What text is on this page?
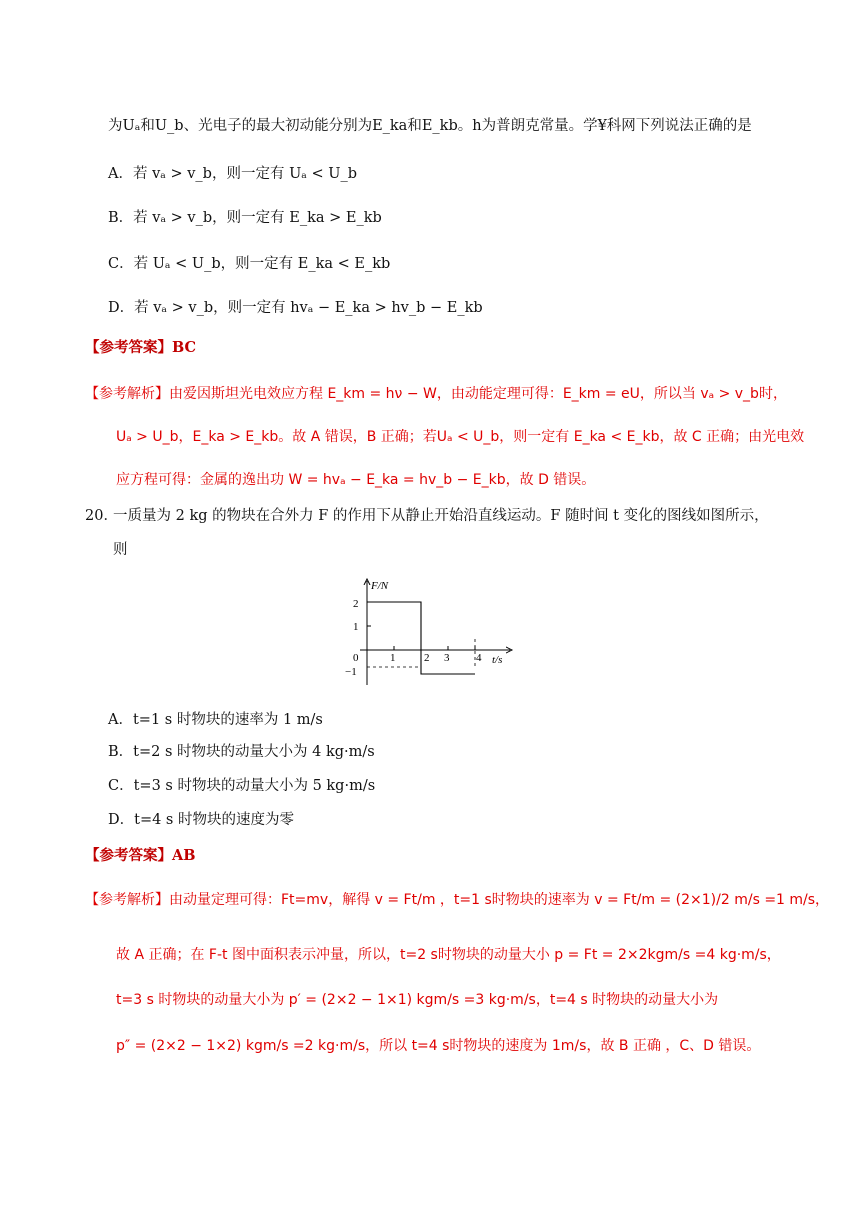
为Uₐ和U_b、光电子的最大初动能分别为E_ka和E_kb。h为普朗克常量。学¥科网下列说法正确的是
A．若 vₐ > v_b，则一定有 Uₐ < U_b
B．若 vₐ > v_b，则一定有 E_ka > E_kb
C．若 Uₐ < U_b，则一定有 E_ka < E_kb
D．若 vₐ > v_b，则一定有 hvₐ − E_ka > hv_b − E_kb
【参考答案】BC
【参考解析】由爱因斯坦光电效应方程 E_km = hν − W，由动能定理可得：E_km = eU，所以当 vₐ > v_b时，
Uₐ > U_b，E_ka > E_kb。故 A 错误，B 正确；若Uₐ < U_b，则一定有 E_ka < E_kb，故 C 正确；由光电效
应方程可得：金属的逸出功 W = hvₐ − E_ka = hv_b − E_kb，故 D 错误。
20．
一质量为 2 kg 的物块在合外力 F 的作用下从静止开始沿直线运动。F 随时间 t 变化的图线如图所示，
则
F/N
t/s
2
1
0
−1
1	2 3 4
A．t=1 s 时物块的速率为 1 m/s
B．t=2 s 时物块的动量大小为 4 kg·m/s
C．t=3 s 时物块的动量大小为 5 kg·m/s
D．t=4 s 时物块的速度为零
【参考答案】AB
【参考解析】由动量定理可得：Ft=mv，解得 v = Ft/m ，t=1 s时物块的速率为 v = Ft/m = (2×1)/2 m/s =1 m/s，
故 A 正确；在 F-t 图中面积表示冲量，所以，t=2 s时物块的动量大小 p = Ft = 2×2kgm/s =4 kg·m/s，
t=3 s 时物块的动量大小为 p′ = (2×2 − 1×1) kgm/s =3 kg·m/s，t=4 s 时物块的动量大小为
p″ = (2×2 − 1×2) kgm/s =2 kg·m/s，所以 t=4 s时物块的速度为 1m/s，故 B 正确 ，C、D 错误。
